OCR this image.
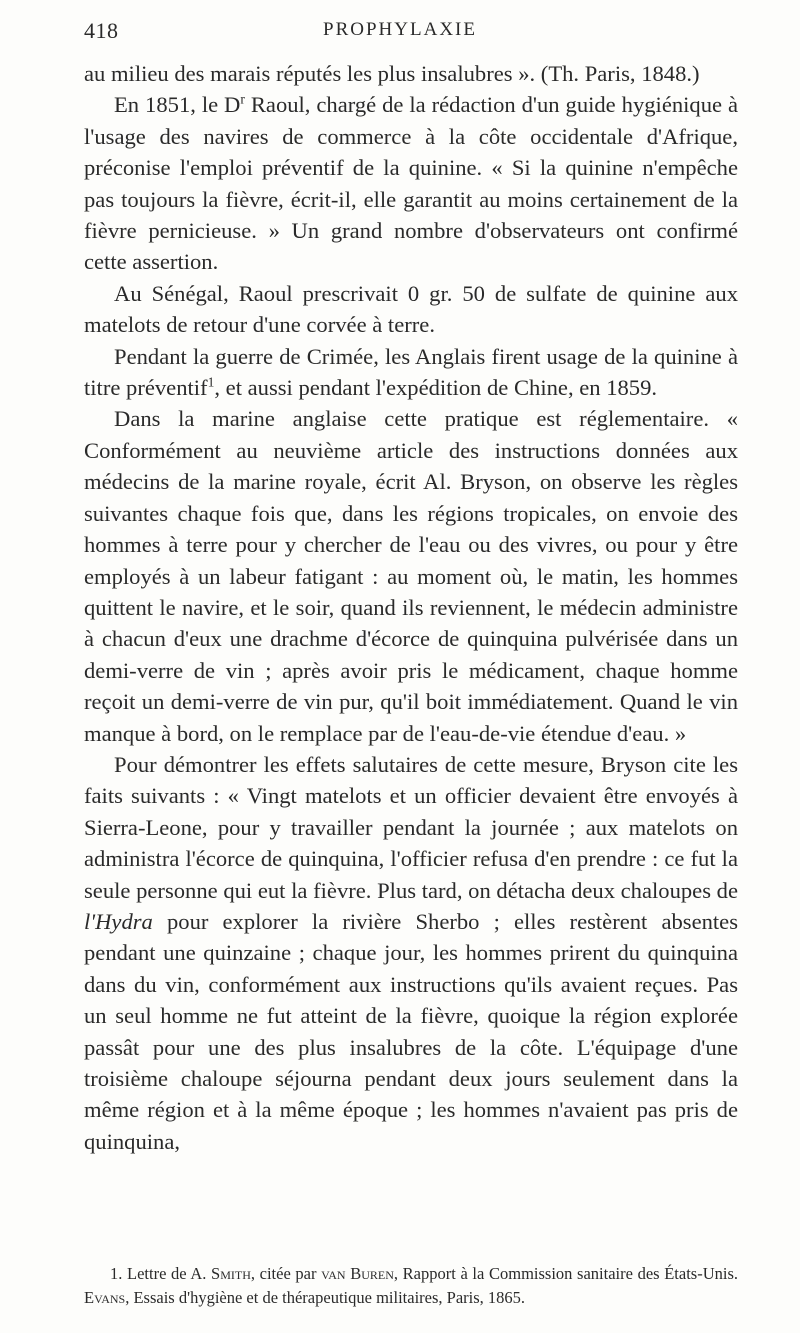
418	PROPHYLAXIE

au milieu des marais réputés les plus insalubres ». (Th. Paris, 1848.)

En 1851, le $D^r$ Raoul, chargé de la rédaction d'un guide hygiénique à l'usage des navires de commerce à la côte occidentale d'Afrique, préconise l'emploi préventif de la quinine. « Si la quinine n'empêche pas toujours la fièvre, écrit-il, elle garantit au moins certainement de la fièvre pernicieuse. » Un grand nombre d'observateurs ont confirmé cette assertion.

Au Sénégal, Raoul prescrivait 0 gr. 50 de sulfate de quinine aux matelots de retour d'une corvée à terre.

Pendant la guerre de Crimée, les Anglais firent usage de la quinine à titre préventif$^1$, et aussi pendant l'expédition de Chine, en 1859.

Dans la marine anglaise cette pratique est réglementaire. « Conformément au neuvième article des instructions données aux médecins de la marine royale, écrit Al. Bryson, on observe les règles suivantes chaque fois que, dans les régions tropicales, on envoie des hommes à terre pour y chercher de l'eau ou des vivres, ou pour y être employés à un labeur fatigant : au moment où, le matin, les hommes quittent le navire, et le soir, quand ils reviennent, le médecin administre à chacun d'eux une drachme d'écorce de quinquina pulvérisée dans un demi-verre de vin ; après avoir pris le médicament, chaque homme reçoit un demi-verre de vin pur, qu'il boit immédiatement. Quand le vin manque à bord, on le remplace par de l'eau-de-vie étendue d'eau. »

Pour démontrer les effets salutaires de cette mesure, Bryson cite les faits suivants : « Vingt matelots et un officier devaient être envoyés à Sierra-Leone, pour y travailler pendant la journée ; aux matelots on administra l'écorce de quinquina, l'officier refusa d'en prendre : ce fut la seule personne qui eut la fièvre. Plus tard, on détacha deux chaloupes de l'Hydra pour explorer la rivière Sherbo ; elles restèrent absentes pendant une quinzaine ; chaque jour, les hommes prirent du quinquina dans du vin, conformément aux instructions qu'ils avaient reçues. Pas un seul homme ne fut atteint de la fièvre, quoique la région explorée passât pour une des plus insalubres de la côte. L'équipage d'une troisième chaloupe séjourna pendant deux jours seulement dans la même région et à la même époque ; les hommes n'avaient pas pris de quinquina,

1. Lettre de A. Smith, citée par van Buren, Rapport à la Commission sanitaire des États-Unis. Evans, Essais d'hygiène et de thérapeutique militaires, Paris, 1865.
